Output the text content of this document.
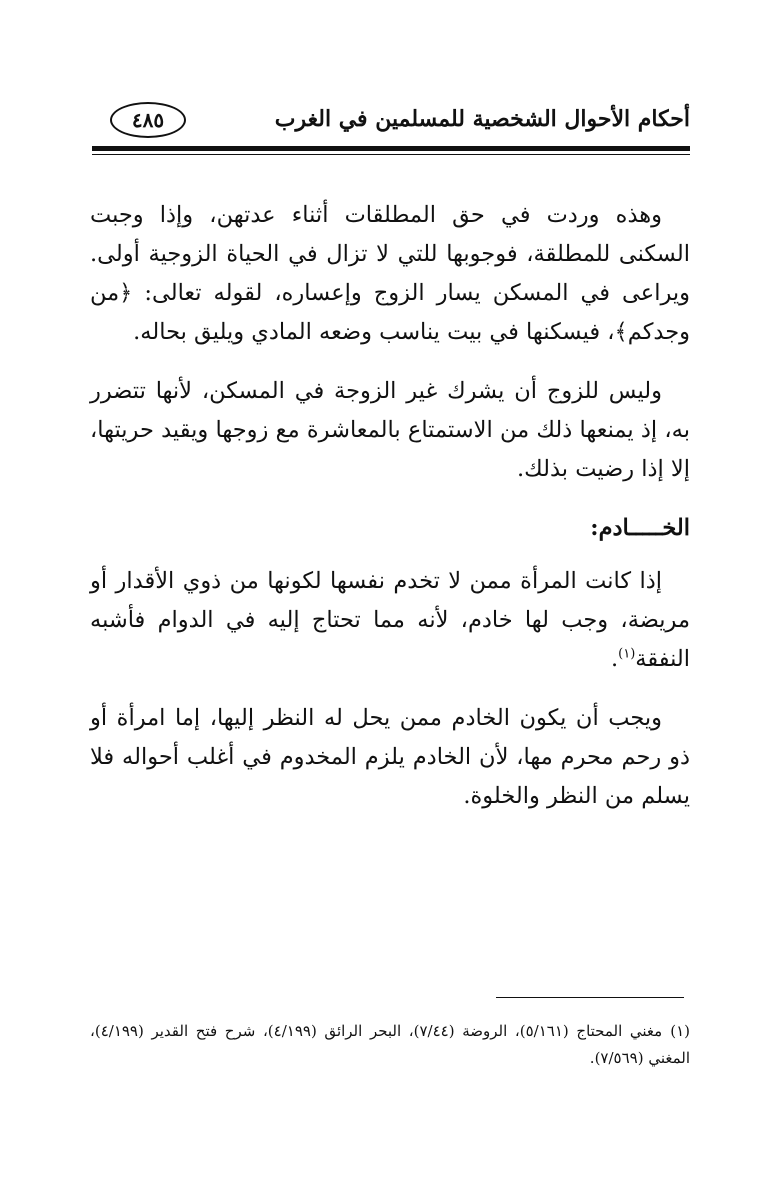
أحكام الأحوال الشخصية للمسلمين في الغرب
٤٨٥

وهذه وردت في حق المطلقات أثناء عدتهن، وإذا وجبت السكنى للمطلقة، فوجوبها للتي لا تزال في الحياة الزوجية أولى. ويراعى في المسكن يسار الزوج وإعساره، لقوله تعالى: ﴿من وجدكم﴾، فيسكنها في بيت يناسب وضعه المادي ويليق بحاله.

وليس للزوج أن يشرك غير الزوجة في المسكن، لأنها تتضرر به، إذ يمنعها ذلك من الاستمتاع بالمعاشرة مع زوجها ويقيد حريتها، إلا إذا رضيت بذلك.

الخـــــادم:

إذا كانت المرأة ممن لا تخدم نفسها لكونها من ذوي الأقدار أو مريضة، وجب لها خادم، لأنه مما تحتاج إليه في الدوام فأشبه النفقة$^{(١)}$.

ويجب أن يكون الخادم ممن يحل له النظر إليها، إما امرأة أو ذو رحم محرم مها، لأن الخادم يلزم المخدوم في أغلب أحواله فلا يسلم من النظر والخلوة.

(١)مغني المحتاج (٥/١٦١)، الروضة (٧/٤٤)، البحر الرائق (٤/١٩٩)، شرح فتح القدير (٤/١٩٩)، المغني (٧/٥٦٩).
